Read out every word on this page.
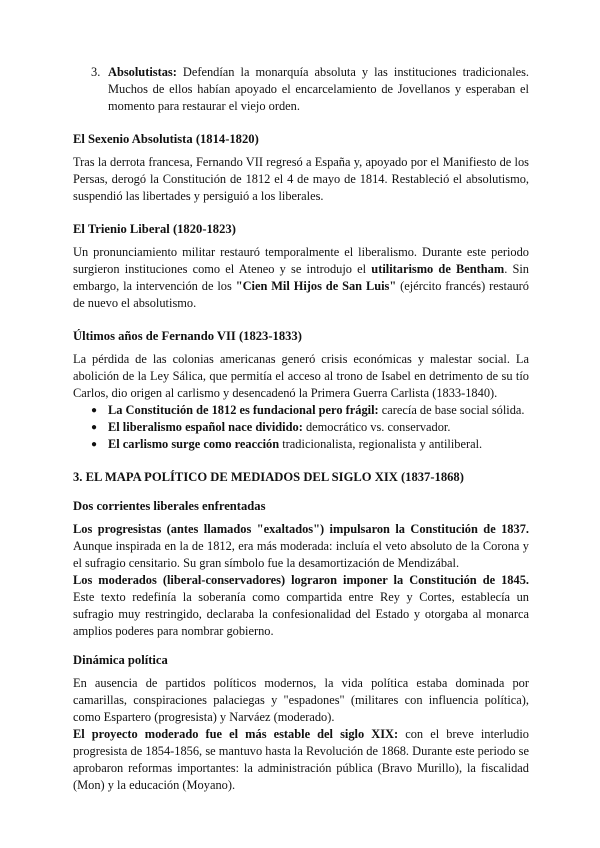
3. Absolutistas: Defendían la monarquía absoluta y las instituciones tradicionales. Muchos de ellos habían apoyado el encarcelamiento de Jovellanos y esperaban el momento para restaurar el viejo orden.

El Sexenio Absolutista (1814-1820)

Tras la derrota francesa, Fernando VII regresó a España y, apoyado por el Manifiesto de los Persas, derogó la Constitución de 1812 el 4 de mayo de 1814. Restableció el absolutismo, suspendió las libertades y persiguió a los liberales.

El Trienio Liberal (1820-1823)

Un pronunciamiento militar restauró temporalmente el liberalismo. Durante este periodo surgieron instituciones como el Ateneo y se introdujo el utilitarismo de Bentham. Sin embargo, la intervención de los "Cien Mil Hijos de San Luis" (ejército francés) restauró de nuevo el absolutismo.

Últimos años de Fernando VII (1823-1833)

La pérdida de las colonias americanas generó crisis económicas y malestar social. La abolición de la Ley Sálica, que permitía el acceso al trono de Isabel en detrimento de su tío Carlos, dio origen al carlismo y desencadenó la Primera Guerra Carlista (1833-1840).

● La Constitución de 1812 es fundacional pero frágil: carecía de base social sólida.
● El liberalismo español nace dividido: democrático vs. conservador.
● El carlismo surge como reacción tradicionalista, regionalista y antiliberal.
3. EL MAPA POLÍTICO DE MEDIADOS DEL SIGLO XIX (1837-1868)
Dos corrientes liberales enfrentadas

Los progresistas (antes llamados "exaltados") impulsaron la Constitución de 1837. Aunque inspirada en la de 1812, era más moderada: incluía el veto absoluto de la Corona y el sufragio censitario. Su gran símbolo fue la desamortización de Mendizábal.

Los moderados (liberal-conservadores) lograron imponer la Constitución de 1845. Este texto redefinía la soberanía como compartida entre Rey y Cortes, establecía un sufragio muy restringido, declaraba la confesionalidad del Estado y otorgaba al monarca amplios poderes para nombrar gobierno.

Dinámica política

En ausencia de partidos políticos modernos, la vida política estaba dominada por camarillas, conspiraciones palaciegas y "espadones" (militares con influencia política), como Espartero (progresista) y Narváez (moderado).

El proyecto moderado fue el más estable del siglo XIX: con el breve interludio progresista de 1854-1856, se mantuvo hasta la Revolución de 1868. Durante este periodo se aprobaron reformas importantes: la administración pública (Bravo Murillo), la fiscalidad (Mon) y la educación (Moyano).
